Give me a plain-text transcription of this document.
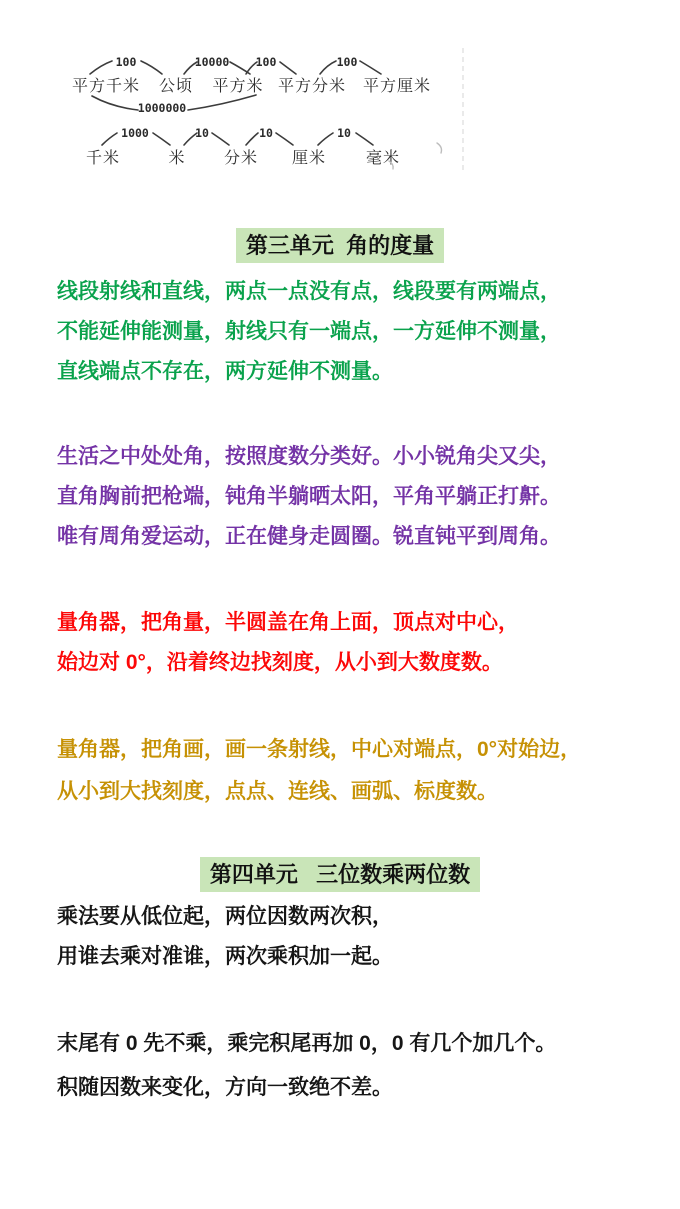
100	10000 100	100
平方千米 公顷 平方米 平方分米 平方厘米
1000000
1000	10	10	10
千米	米 分米 厘米 毫米
第三单元  角的度量

线段射线和直线，两点一点没有点，线段要有两端点，

不能延伸能测量，射线只有一端点，一方延伸不测量，

直线端点不存在，两方延伸不测量。

生活之中处处角，按照度数分类好。小小锐角尖又尖，

直角胸前把枪端，钝角半躺晒太阳，平角平躺正打鼾。

唯有周角爱运动，正在健身走圆圈。锐直钝平到周角。

量角器，把角量，半圆盖在角上面，顶点对中心，

始边对 0°，沿着终边找刻度，从小到大数度数。

量角器，把角画，画一条射线，中心对端点，0°对始边，

从小到大找刻度，点点、连线、画弧、标度数。

第四单元   三位数乘两位数

乘法要从低位起，两位因数两次积，

用谁去乘对准谁，两次乘积加一起。

末尾有 0 先不乘，乘完积尾再加 0，0 有几个加几个。

积随因数来变化，方向一致绝不差。
